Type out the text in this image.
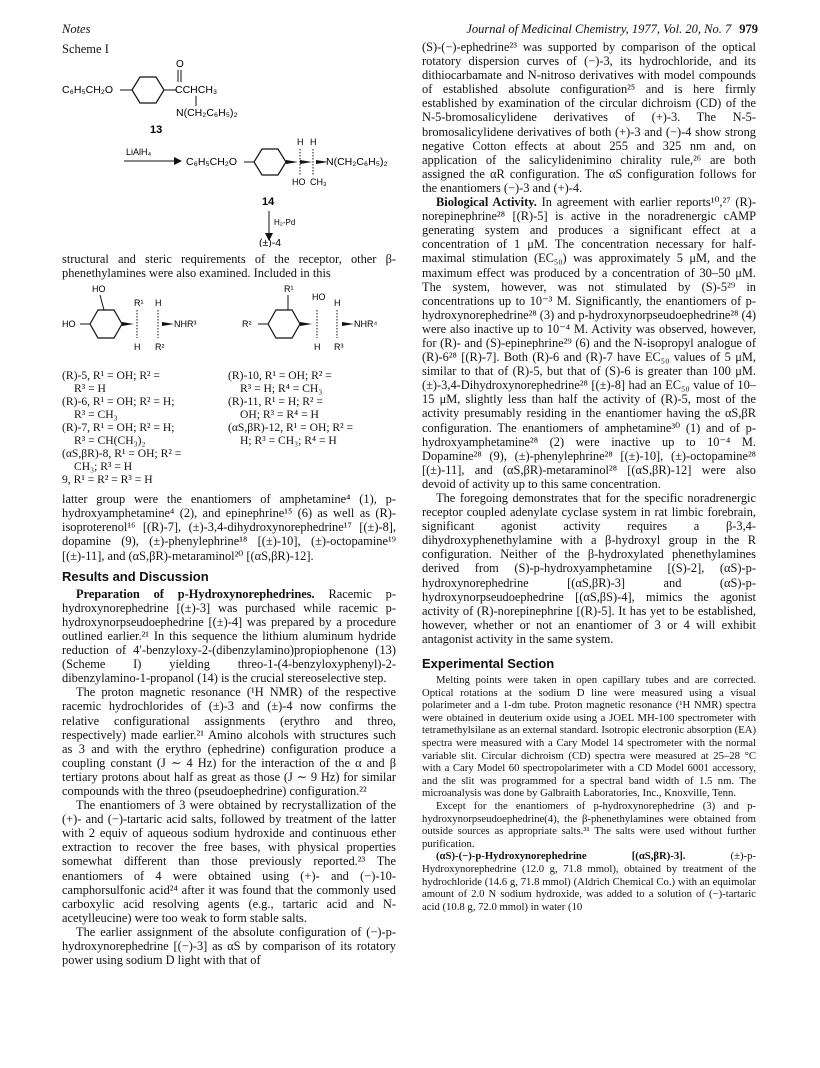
Notes	Journal of Medicinal Chemistry, 1977, Vol. 20, No. 7 979
Scheme I
C₆H₅CH₂O
O
CCHCH₃
N(CH₂C₆H₅)₂
13
LiAlH₄
C₆H₅CH₂O
H H
N(CH₂C₆H₅)₂
HO CH₃
14
H₂-Pd
(±)-4

structural and steric requirements of the receptor, other β-phenethylamines were also examined. Included in this

HO
HO
R¹ H
NHR³
H R²
R¹
R²
HO
H
NHR⁴
H R³
(R)-5, R¹ = OH; R² =
R³ = H
(R)-6, R¹ = OH; R² = H;
R³ = CH₃
(R)-7, R¹ = OH; R² = H;
R³ = CH(CH₃)₂
(αS,βR)-8, R¹ = OH; R² =
CH₃; R³ = H
9, R¹ = R² = R³ = H
(R)-10, R¹ = OH; R² =
R³ = H; R⁴ = CH₃
(R)-11, R¹ = H; R² =
OH; R³ = R⁴ = H
(αS,βR)-12, R¹ = OH; R² =
H; R³ = CH₃; R⁴ = H

latter group were the enantiomers of amphetamine⁴ (1), p-hydroxyamphetamine⁴ (2), and epinephrine¹⁵ (6) as well as (R)-isoproterenol¹⁶ [(R)-7], (±)-3,4-dihydroxynorephedrine¹⁷ [(±)-8], dopamine (9), (±)-phenylephrine¹⁸ [(±)-10], (±)-octopamine¹⁹ [(±)-11], and (αS,βR)-metaraminol²⁰ [(αS,βR)-12].

Results and Discussion

Preparation of p-Hydroxynorephedrines. Racemic p-hydroxynorephedrine [(±)-3] was purchased while racemic p-hydroxynorpseudoephedrine [(±)-4] was prepared by a procedure outlined earlier.²¹ In this sequence the lithium aluminum hydride reduction of 4′-benzyloxy-2-(dibenzylamino)propiophenone (13) (Scheme I) yielding threo-1-(4-benzyloxyphenyl)-2-dibenzylamino-1-propanol (14) is the crucial stereoselective step.

The proton magnetic resonance (¹H NMR) of the respective racemic hydrochlorides of (±)-3 and (±)-4 now confirms the relative configurational assignments (erythro and threo, respectively) made earlier.²¹ Amino alcohols with structures such as 3 and with the erythro (ephedrine) configuration produce a coupling constant (J ∼ 4 Hz) for the interaction of the α and β tertiary protons about half as great as those (J ∼ 9 Hz) for similar compounds with the threo (pseudoephedrine) configuration.²²

The enantiomers of 3 were obtained by recrystallization of the (+)- and (−)-tartaric acid salts, followed by treatment of the latter with 2 equiv of aqueous sodium hydroxide and continuous ether extraction to recover the free bases, with physical properties somewhat different than those previously reported.²³ The enantiomers of 4 were obtained using (+)- and (−)-10-camphorsulfonic acid²⁴ after it was found that the commonly used carboxylic acid resolving agents (e.g., tartaric acid and N-acetylleucine) were too weak to form stable salts.

The earlier assignment of the absolute configuration of (−)-p-hydroxynorephedrine [(−)-3] as αS by comparison of its rotatory power using sodium D light with that of

(S)-(−)-ephedrine²³ was supported by comparison of the optical rotatory dispersion curves of (−)-3, its hydrochloride, and its dithiocarbamate and N-nitroso derivatives with model compounds of established absolute configuration²⁵ and is here firmly established by examination of the circular dichroism (CD) of the N-5-bromosalicylidene derivatives of (+)-3. The N-5-bromosalicylidene derivatives of both (+)-3 and (−)-4 show strong negative Cotton effects at about 255 and 325 nm and, on application of the salicylidenimino chirality rule,²⁶ are both assigned the αR configuration. The αS configuration follows for the enantiomers (−)-3 and (+)-4.

Biological Activity. In agreement with earlier reports¹⁰,²⁷ (R)-norepinephrine²⁸ [(R)-5] is active in the noradrenergic cAMP generating system and produces a significant effect at a concentration of 1 μM. The concentration necessary for half-maximal stimulation (EC₅₀) was approximately 5 μM, and the maximum effect was produced by a concentration of 30–50 μM. The system, however, was not stimulated by (S)-5²⁹ in concentrations up to 10⁻³ M. Significantly, the enantiomers of p-hydroxynorephedrine²⁸ (3) and p-hydroxynorpseudoephedrine²⁸ (4) were also inactive up to 10⁻⁴ M. Activity was observed, however, for (R)- and (S)-epinephrine²⁹ (6) and the N-isopropyl analogue of (R)-6²⁸ [(R)-7]. Both (R)-6 and (R)-7 have EC₅₀ values of 5 μM, similar to that of (R)-5, but that of (S)-6 is greater than 100 μM. (±)-3,4-Dihydroxynorephedrine²⁸ [(±)-8] had an EC₅₀ value of 10–15 μM, slightly less than half the activity of (R)-5, most of the activity presumably residing in the enantiomer having the αS,βR configuration. The enantiomers of amphetamine³⁰ (1) and of p-hydroxyamphetamine²⁸ (2) were inactive up to 10⁻⁴ M. Dopamine²⁸ (9), (±)-phenylephrine²⁸ [(±)-10], (±)-octopamine²⁸ [(±)-11], and (αS,βR)-metaraminol²⁸ [(αS,βR)-12] were also devoid of activity up to this same concentration.

The foregoing demonstrates that for the specific noradrenergic receptor coupled adenylate cyclase system in rat limbic forebrain, significant agonist activity requires a β-3,4-dihydroxyphenethylamine with a β-hydroxyl group in the R configuration. Neither of the β-hydroxylated phenethylamines derived from (S)-p-hydroxyamphetamine [(S)-2], (αS)-p-hydroxynorephedrine [(αS,βR)-3] and (αS)-p-hydroxynorpseudoephedrine [(αS,βS)-4], mimics the agonist activity of (R)-norepinephrine [(R)-5]. It has yet to be established, however, whether or not an enantiomer of 3 or 4 will exhibit antagonist activity in the same system.

Experimental Section

Melting points were taken in open capillary tubes and are corrected. Optical rotations at the sodium D line were measured using a visual polarimeter and a 1-dm tube. Proton magnetic resonance (¹H NMR) spectra were obtained in deuterium oxide using a JOEL MH-100 spectrometer with tetramethylsilane as an external standard. Isotropic electronic absorption (EA) spectra were measured with a Cary Model 14 spectrometer with the normal variable slit. Circular dichroism (CD) spectra were measured at 25–28 °C with a Cary Model 60 spectropolarimeter with a CD Model 6001 accessory, and the slit was programmed for a spectral band width of 1.5 nm. The microanalysis was done by Galbraith Laboratories, Inc., Knoxville, Tenn.

Except for the enantiomers of p-hydroxynorephedrine (3) and p-hydroxynorpseudoephedrine(4), the β-phenethylamines were obtained from outside sources as appropriate salts.³¹ The salts were used without further purification.

(αS)-(−)-p-Hydroxynorephedrine [(αS,βR)-3]. (±)-p-Hydroxynorephedrine (12.0 g, 71.8 mmol), obtained by treatment of the hydrochloride (14.6 g, 71.8 mmol) (Aldrich Chemical Co.) with an equimolar amount of 2.0 N sodium hydroxide, was added to a solution of (−)-tartaric acid (10.8 g, 72.0 mmol) in water (10
